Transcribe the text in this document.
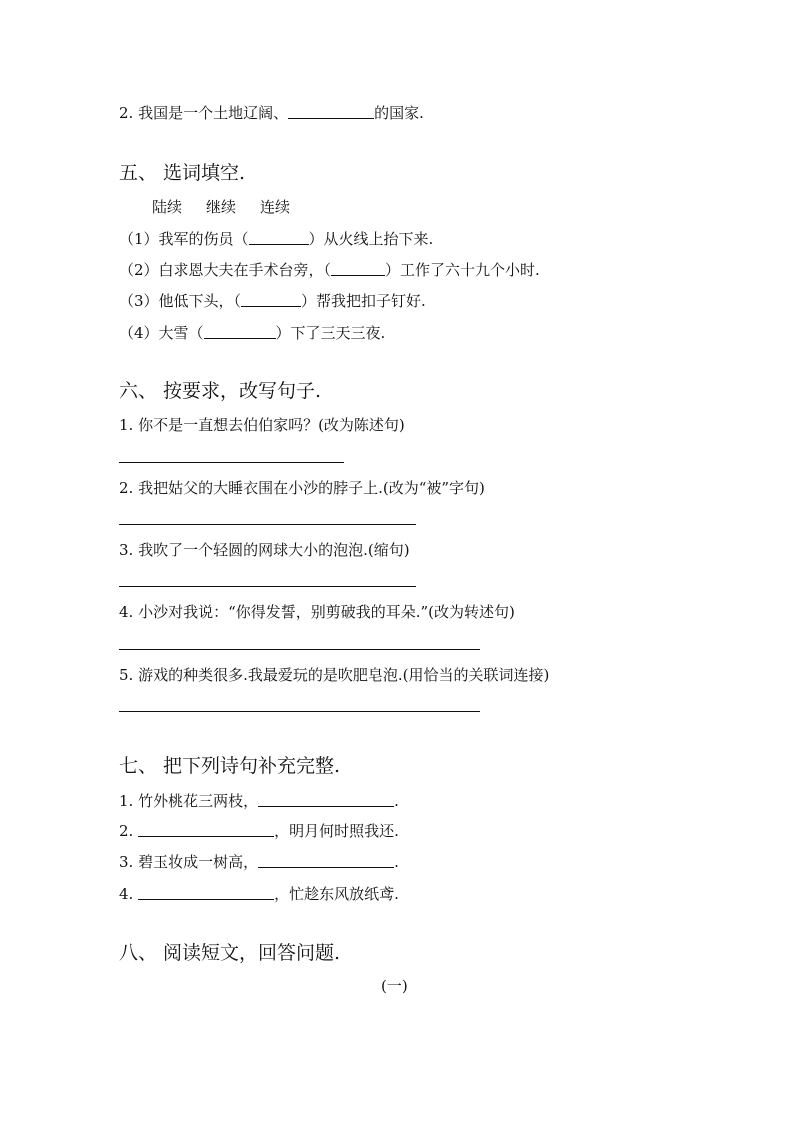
2. 我国是一个土地辽阔、	的国家.
五、 选词填空.
陆续 继续 连续
（1）我军的伤员（	）从火线上抬下来.
（2）白求恩大夫在手术台旁，（	）工作了六十九个小时.
（3）他低下头，（	）帮我把扣子钉好.
（4）大雪（	）下了三天三夜.
六、 按要求，改写句子.
1. 你不是一直想去伯伯家吗？(改为陈述句)
2. 我把姑父的大睡衣围在小沙的脖子上.(改为“被”字句)
3. 我吹了一个轻圆的网球大小的泡泡.(缩句)
4. 小沙对我说：“你得发誓，别剪破我的耳朵.”(改为转述句)
5. 游戏的种类很多.我最爱玩的是吹肥皂泡.(用恰当的关联词连接)
七、 把下列诗句补充完整.
1. 竹外桃花三两枝，	.
2.	，明月何时照我还.
3. 碧玉妆成一树高，	.
4.	，忙趁东风放纸鸢.
八、 阅读短文，回答问题.
(一)
